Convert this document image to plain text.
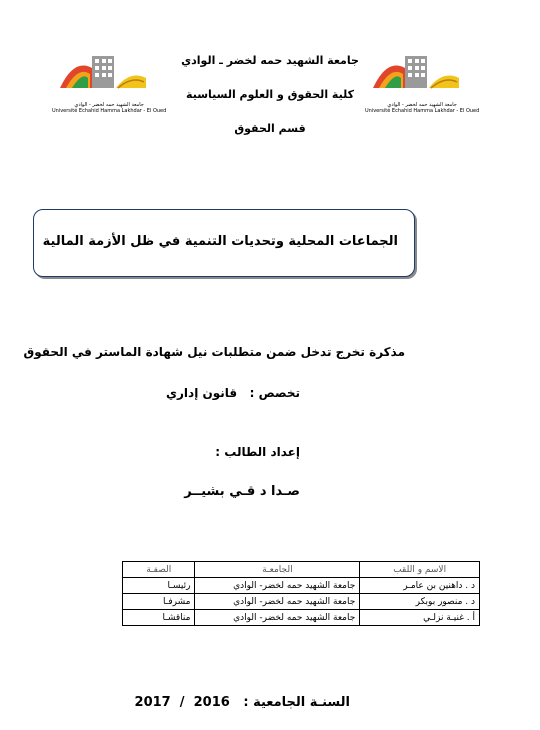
جامعة الشهيد حمه لخضر - الوادي
Université Echahid Hamma Lakhdar - El Oued
جامعة الشهيد حمه لخضر - الوادي
Université Echahid Hamma Lakhdar - El Oued
جامعة الشهيد حمه لخضر ـ الوادي
كلية الحقوق و العلوم السياسية
قسم الحقوق
الجماعات المحلية وتحديات التنمية في ظل الأزمة المالية
مذكرة تخرج تدخل ضمن متطلبات نيل شهادة الماستر في الحقوق
تخصص :   قانون إداري
إعداد الطالب :
صـدا د قـي بشيــر
الاسم و اللقب	الجامعـة	الصفـة
د . داهنين بن عامـر	جامعة الشهيد حمه لخضر- الوادي	رئيسـا
د . منصور بوبكر	جامعة الشهيد حمه لخضر- الوادي	مشرفـا
أ . غنيـة نزلـي	جامعة الشهيد حمه لخضر- الوادي	مناقشـا
السنـة الجامعية :   2016  /  2017
